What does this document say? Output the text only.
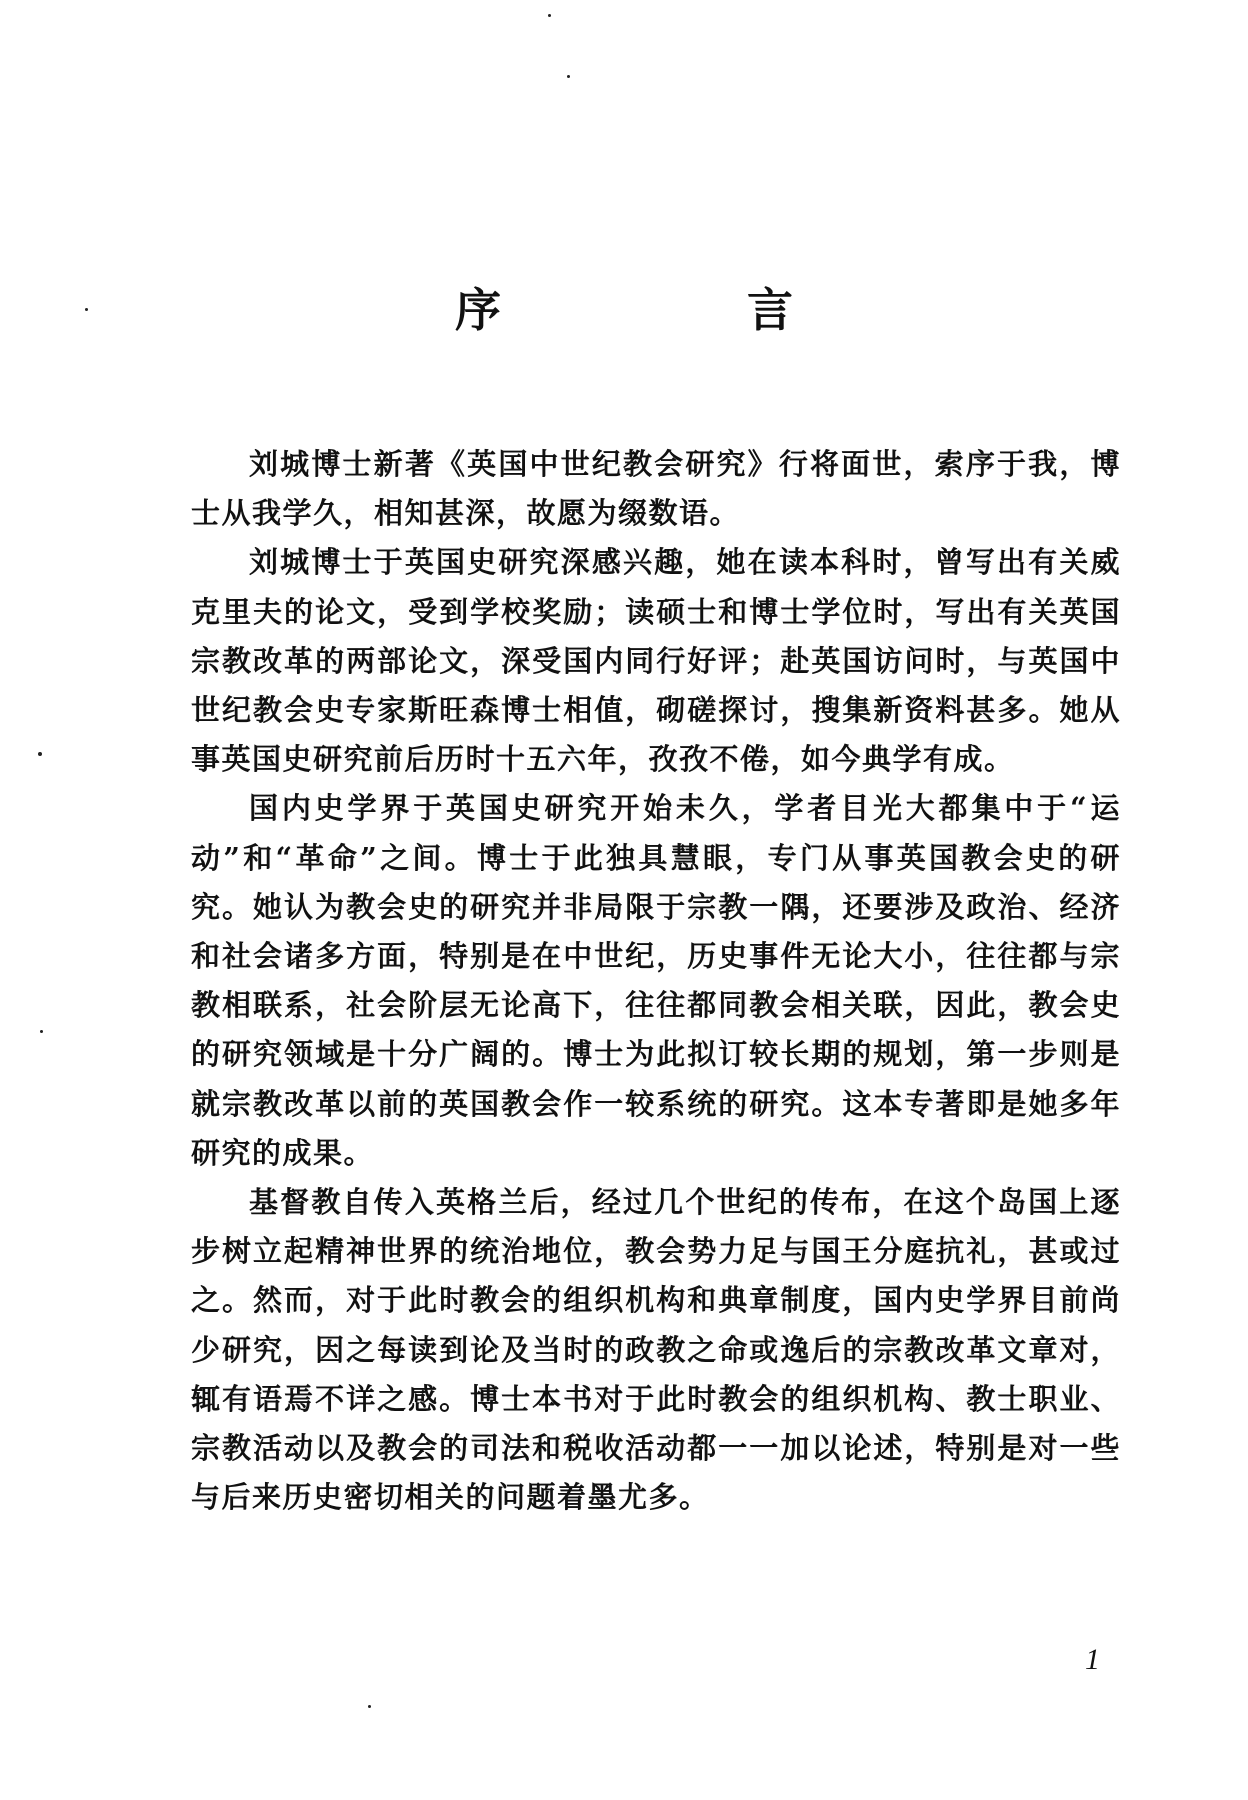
序　言

刘城博士新著《英国中世纪教会研究》行将面世，索序于我，博士从我学久，相知甚深，故愿为缀数语。

刘城博士于英国史研究深感兴趣，她在读本科时，曾写出有关威克里夫的论文，受到学校奖励；读硕士和博士学位时，写出有关英国宗教改革的两部论文，深受国内同行好评；赴英国访问时，与英国中世纪教会史专家斯旺森博士相值，砌磋探讨，搜集新资料甚多。她从事英国史研究前后历时十五六年，孜孜不倦，如今典学有成。

国内史学界于英国史研究开始未久，学者目光大都集中于“运动”和“革命”之间。博士于此独具慧眼，专门从事英国教会史的研究。她认为教会史的研究并非局限于宗教一隅，还要涉及政治、经济和社会诸多方面，特别是在中世纪，历史事件无论大小，往往都与宗教相联系，社会阶层无论高下，往往都同教会相关联，因此，教会史的研究领域是十分广阔的。博士为此拟订较长期的规划，第一步则是就宗教改革以前的英国教会作一较系统的研究。这本专著即是她多年研究的成果。

基督教自传入英格兰后，经过几个世纪的传布，在这个岛国上逐步树立起精神世界的统治地位，教会势力足与国王分庭抗礼，甚或过之。然而，对于此时教会的组织机构和典章制度，国内史学界目前尚少研究，因之每读到论及当时的政教之命或逸后的宗教改革文章对，辄有语焉不详之感。博士本书对于此时教会的组织机构、教士职业、宗教活动以及教会的司法和税收活动都一一加以论述，特别是对一些与后来历史密切相关的问题着墨尤多。

1
